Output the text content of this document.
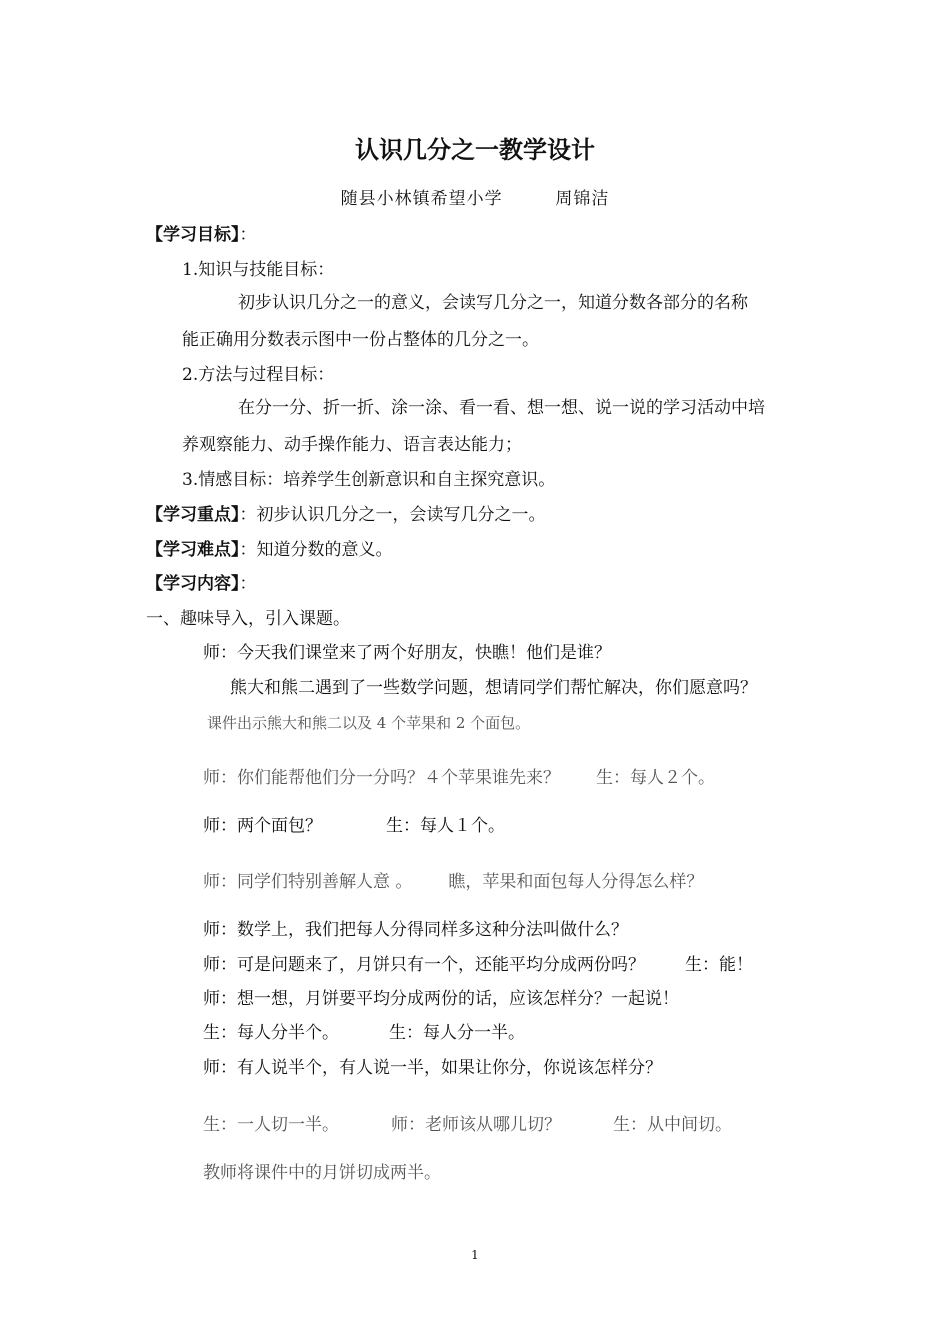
认识几分之一教学设计
随县小林镇希望小学	周锦洁
【学习目标】：
1.知识与技能目标：
初步认识几分之一的意义，会读写几分之一，知道分数各部分的名称
能正确用分数表示图中一份占整体的几分之一。
2.方法与过程目标：
在分一分、折一折、涂一涂、看一看、想一想、说一说的学习活动中培
养观察能力、动手操作能力、语言表达能力；
3.情感目标：培养学生创新意识和自主探究意识。
【学习重点】：初步认识几分之一，会读写几分之一。
【学习难点】：知道分数的意义。
【学习内容】：
一、趣味导入，引入课题。
师：今天我们课堂来了两个好朋友，快瞧！他们是谁？
熊大和熊二遇到了一些数学问题，想请同学们帮忙解决，你们愿意吗？
课件出示熊大和熊二以及 4 个苹果和 2 个面包。
师：你们能帮他们分一分吗？４个苹果谁先来？ 生：每人２个。
师：两个面包？	生：每人１个。
师：同学们特别善解人意 。 瞧，苹果和面包每人分得怎么样？
师：数学上，我们把每人分得同样多这种分法叫做什么？
师：可是问题来了，月饼只有一个，还能平均分成两份吗？ 生：能！
师：想一想，月饼要平均分成两份的话，应该怎样分？一起说！
生：每人分半个。	生：每人分一半。
师：有人说半个，有人说一半，如果让你分，你说该怎样分？
生：一人切一半。	师：老师该从哪儿切？	生：从中间切。
教师将课件中的月饼切成两半。
1
